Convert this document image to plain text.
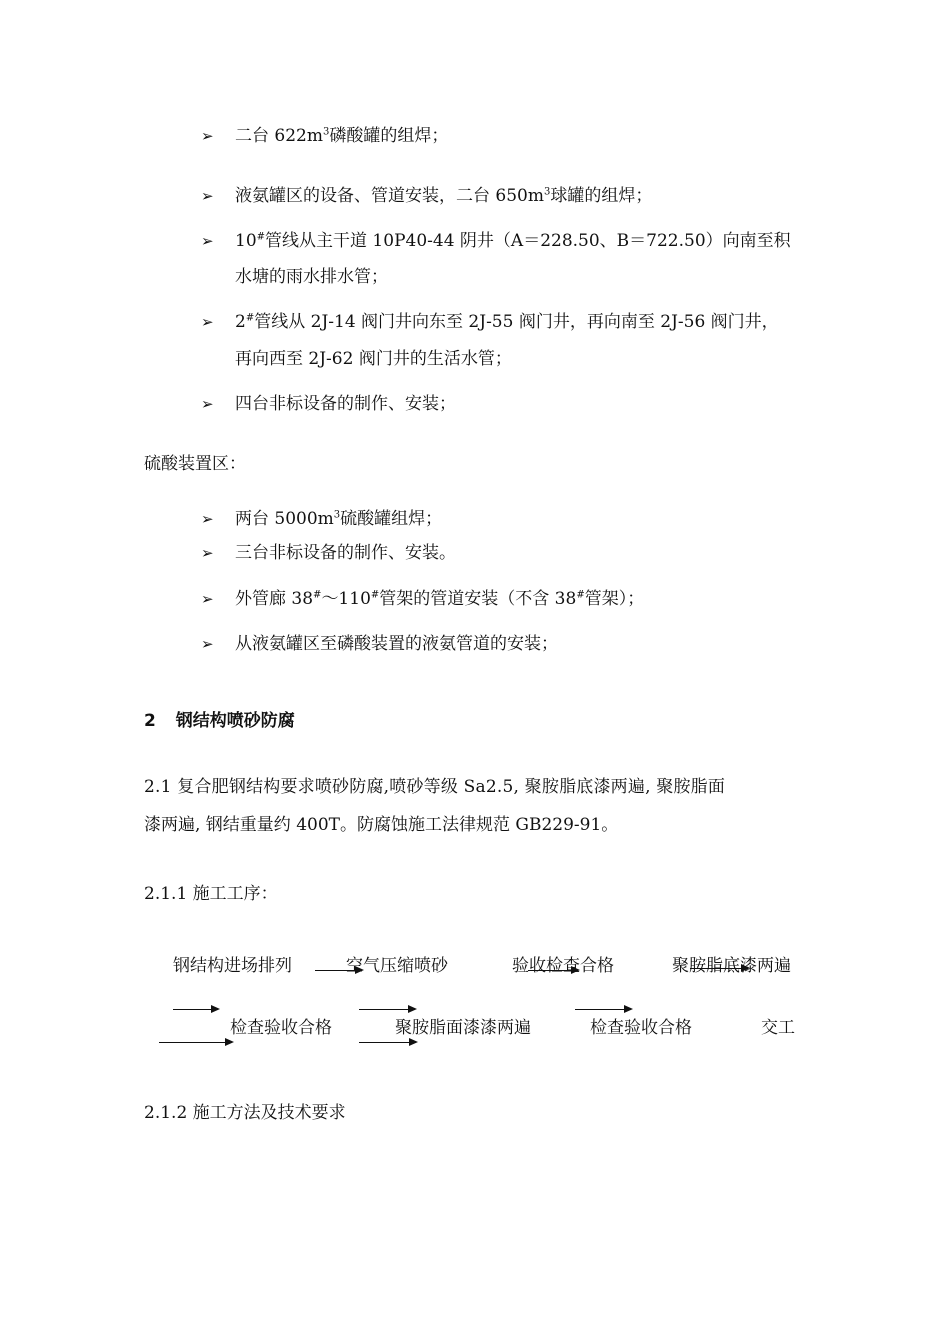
➢ 二台 $622m^3$磷酸罐的组焊；
➢ 液氨罐区的设备、管道安装，二台 $650m^3$球罐的组焊；
➢ 10#管线从主干道 10P40-44 阴井（A＝228.50、B＝722.50）向南至积
水塘的雨水排水管；
➢ 2#管线从 2J-14 阀门井向东至 2J-55 阀门井，再向南至 2J-56 阀门井，
再向西至 2J-62 阀门井的生活水管；
➢ 四台非标设备的制作、安装；
硫酸装置区：
➢ 两台 $5000m^3$硫酸罐组焊；
➢ 三台非标设备的制作、安装。
➢ 外管廊 38#～110#管架的管道安装（不含 38#管架）；
➢ 从液氨罐区至磷酸装置的液氨管道的安装；
2 钢结构喷砂防腐
2.1 复合肥钢结构要求喷砂防腐,喷砂等级 Sa2.5, 聚胺脂底漆两遍, 聚胺脂面
漆两遍, 钢结重量约 400T。防腐蚀施工法律规范 GB229-91。
2.1.1 施工工序：
钢结构进场排列	空气压缩喷砂	验收检查合格	聚胺脂底漆两遍
检查验收合格	聚胺脂面漆漆两遍	检查验收合格	交工
2.1.2 施工方法及技术要求
